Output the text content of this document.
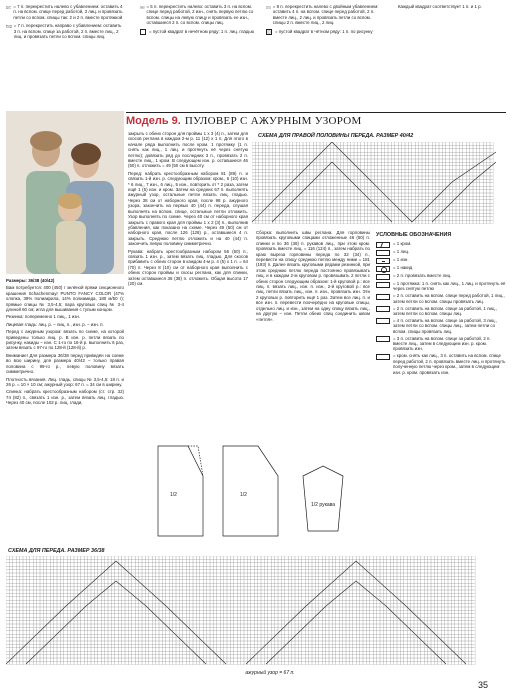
= 7 п. перекрестить налево с убавлением: оставить 4 п. на вспом. спице перед работой, 3 лиц. и провязать петли со вспом. спицы так: 2 и 2 п. вместе протяжкой
= 7 п. перекрестить направо с убавлением: оставить 3 п. на вспом. спице за работой, 2 п. вместе лиц., 2 лиц. и провязать петли со вспом. спицы лиц.
= 5 п. перекрестить налево: оставить 3 п. на вспом. спице перед работой, 2 изн., снять первую петлю со вспом. спицы на левую спицу и провязать ее изн., оставшиеся 2 п. со вспом. спицы лиц.
= пустой квадрат в нечётном ряду: 1 п. лиц. гладью
= 8 п. перекрестить налево с двойным убавлением: оставить 4 п. на вспом. спице перед работой, 2 п. вместе лиц., 2 лиц. и провязать петли со вспом. спицы 2 п. вместе лиц., 2 лиц.
= пустой квадрат в чётном ряду: 1 п. по рисунку
Каждый квадрат соответствует 1 п. и 1 р.
Модель 9. ПУЛОВЕР С АЖУРНЫМ УЗОРОМ

Размеры: 36/38 (40/42)

Вам потребуется: 400 (450) г зелёной пряжи секционного крашения Schachenmayr PUNTO FANCY COLOR (47% хлопка, 39% полиакрила, 14% полиамида, 180 м/50 г); прямые спицы № 3,5-4,5; пара круговых спиц № 3-4 длиной 60 см; игла для вышивания с тупым концом.

Резинка: попеременно 1 лиц., 1 изн.

Лицевая гладь: лиц. р. – лиц. п., изн. р. – изн. п.

Перед с ажурным узором: вязать по схеме, на которой приведены только лиц. р. В изн. р. петли вязать по рисунку, накиды – изн. С 1-го по 16-й р. выполнить 6 раз, затем вязать с 97-го по 128-й (128-й) р.

Внимание! Для размера 36/38 перед приведён на схеме во всю ширину, для размера 40/42 – только правая половина с 99-го р., левую половину вязать симметрично.

Плотность вязания. Лиц. гладь, спицы № 3,5-4,5: 18 п. и 26 р. = 10 × 10 см; ажурный узор: 67 п. = 34 см в ширину.

Спинка: набрать крестообразным набором (ст. стр. 32) 74 (82) п., связать 1 изн. р., затем вязать лиц. гладью. Через 40 см, после 102 р. лиц. глади,

закрыть с обеих сторон для проймы 1 х 3 (4) п., затем для скосов реглана в каждом 2-м р. 11 (12) х 1 п. Для этого в начале ряда выполнить после кром. 1 протяжку (1 п. снять как лиц., 1 лиц. и протянуть её через снятую петлю); довязать ряд до последних 3 п., провязать 2 п. вместе лиц., 1 кром. В следующем изн. р. оставшиеся 46 (50) п. отложить = 49 (50 см в высоту.

Перед: набрать крестообразным набором 81 (89) п. и связать 1-й изн. р. следующим образом: кром., 6 (10) изн. * 6 лиц., 7 изн., 6 лиц., 5 изн., повторить от * 2 раза, затем ещё 1 (5) изн. и кром. Затем на средних 67 п. выполнять ажурный узор, остальные петли вязать лиц. гладью. Через 38 см от наборного края, после 98 р. ажурного узора, закончить на первых 40 (44) п. переда, слушая выполнять на вспом. спице, остальные петли отложить. Узор выполнять по схеме. Через 40 см от наборного края закрыть с правого края для проймы 1 х 2 (3) п., выполнив убавления, как показано на схеме. Через 49 (50) см от наборного края, после 126 (128) р., оставшиеся 4 п. закрыть. Среднюю петлю отложить и на 40 (44) п. закончить левую половину симметрично.

Рукава: набрать крестообразным набором 56 (60) п., связать 1 изн. р., затем вязать лиц. гладью. Для скосов прибавить с обеих сторон в каждом 4-м р. 4 (5) х 1 п. = 64 (70) п. Через 8 (10) см от наборного края выполнить с обеих сторон проймы и скосы реглана, как для спинки, затем оставшиеся 36 (38) п. отложить. Общая высота 17 (20) см.

СХЕМА ДЛЯ ПРАВОЙ ПОЛОВИНЫ ПЕРЕДА. РАЗМЕР 40/42

Сборка: выполнить швы реглана. Для горловины провязать круговыми спицами отложенные 46 (50) п. спинки и по 36 (38) п. рукавов лиц., при этом кром. провязать вместе лиц. = 116 (124) п., затем набрать по краю выреза горловины переда по 32 (34) п., перевести на спицу среднюю петлю между ними = 181 (193) п. Далее вязать круговыми рядами резинкой, при этом среднюю петлю переда постоянно провязывать лиц. и в каждом 2-м круговом р. провязывать 2 петли с обеих сторон следующим образом: 1-й круговой р.: все лиц. п. вязать лиц., изн. п. изн., 2-й круговой р.: все лиц. петли вязать лиц., изн. п. изн., провязать изн. Эти 2 круговых р. повторить ещё 1 раз. Затем все лиц. п. и все изн. п. перевести поочерёдно на круговые спицы, отдельно лиц. и изн., затем на одну спицу вязать лиц., на другую – изн. Петли обеих спиц соединить швом «петля».

УСЛОВНЫЕ ОБОЗНАЧЕНИЯ
= 1 кром.
= 1 лиц.
= 1 изн.
= 1 накид
= 2 п. провязать вместе лиц.
= 1 протяжка: 1 п. снять как лиц., 1 лиц. и протянуть её через снятую петлю
= 2 п. оставить на вспом. спице перед работой, 1 лиц., затем петли со вспом. спицы провязать лиц.
= 2 п. оставить на вспом. спице за работой, 1 лиц., затем петли со вспом. спицы лиц.
= 4 п. оставить на вспом. спице за работой, 3 лиц., затем петли со вспом. спицы лиц., затем петли со вспом. спицы провязать лиц.
= 3 п. оставить на вспом. спице за работой, 2 п. вместе лиц., затем в следующем изн. р. кром. провязать изн.
= кром. снять как лиц., 3 п. оставить на вспом. спице перед работой, 2 п. провязать вместе лиц. и протянуть полученную петлю через кром., затем в следующем изн. р. кром. провязать изн.
1/2	1/2
1/2 рукава
СХЕМА ДЛЯ ПЕРЕДА. РАЗМЕР 36/38
ажурный узор = 67 п.
35
